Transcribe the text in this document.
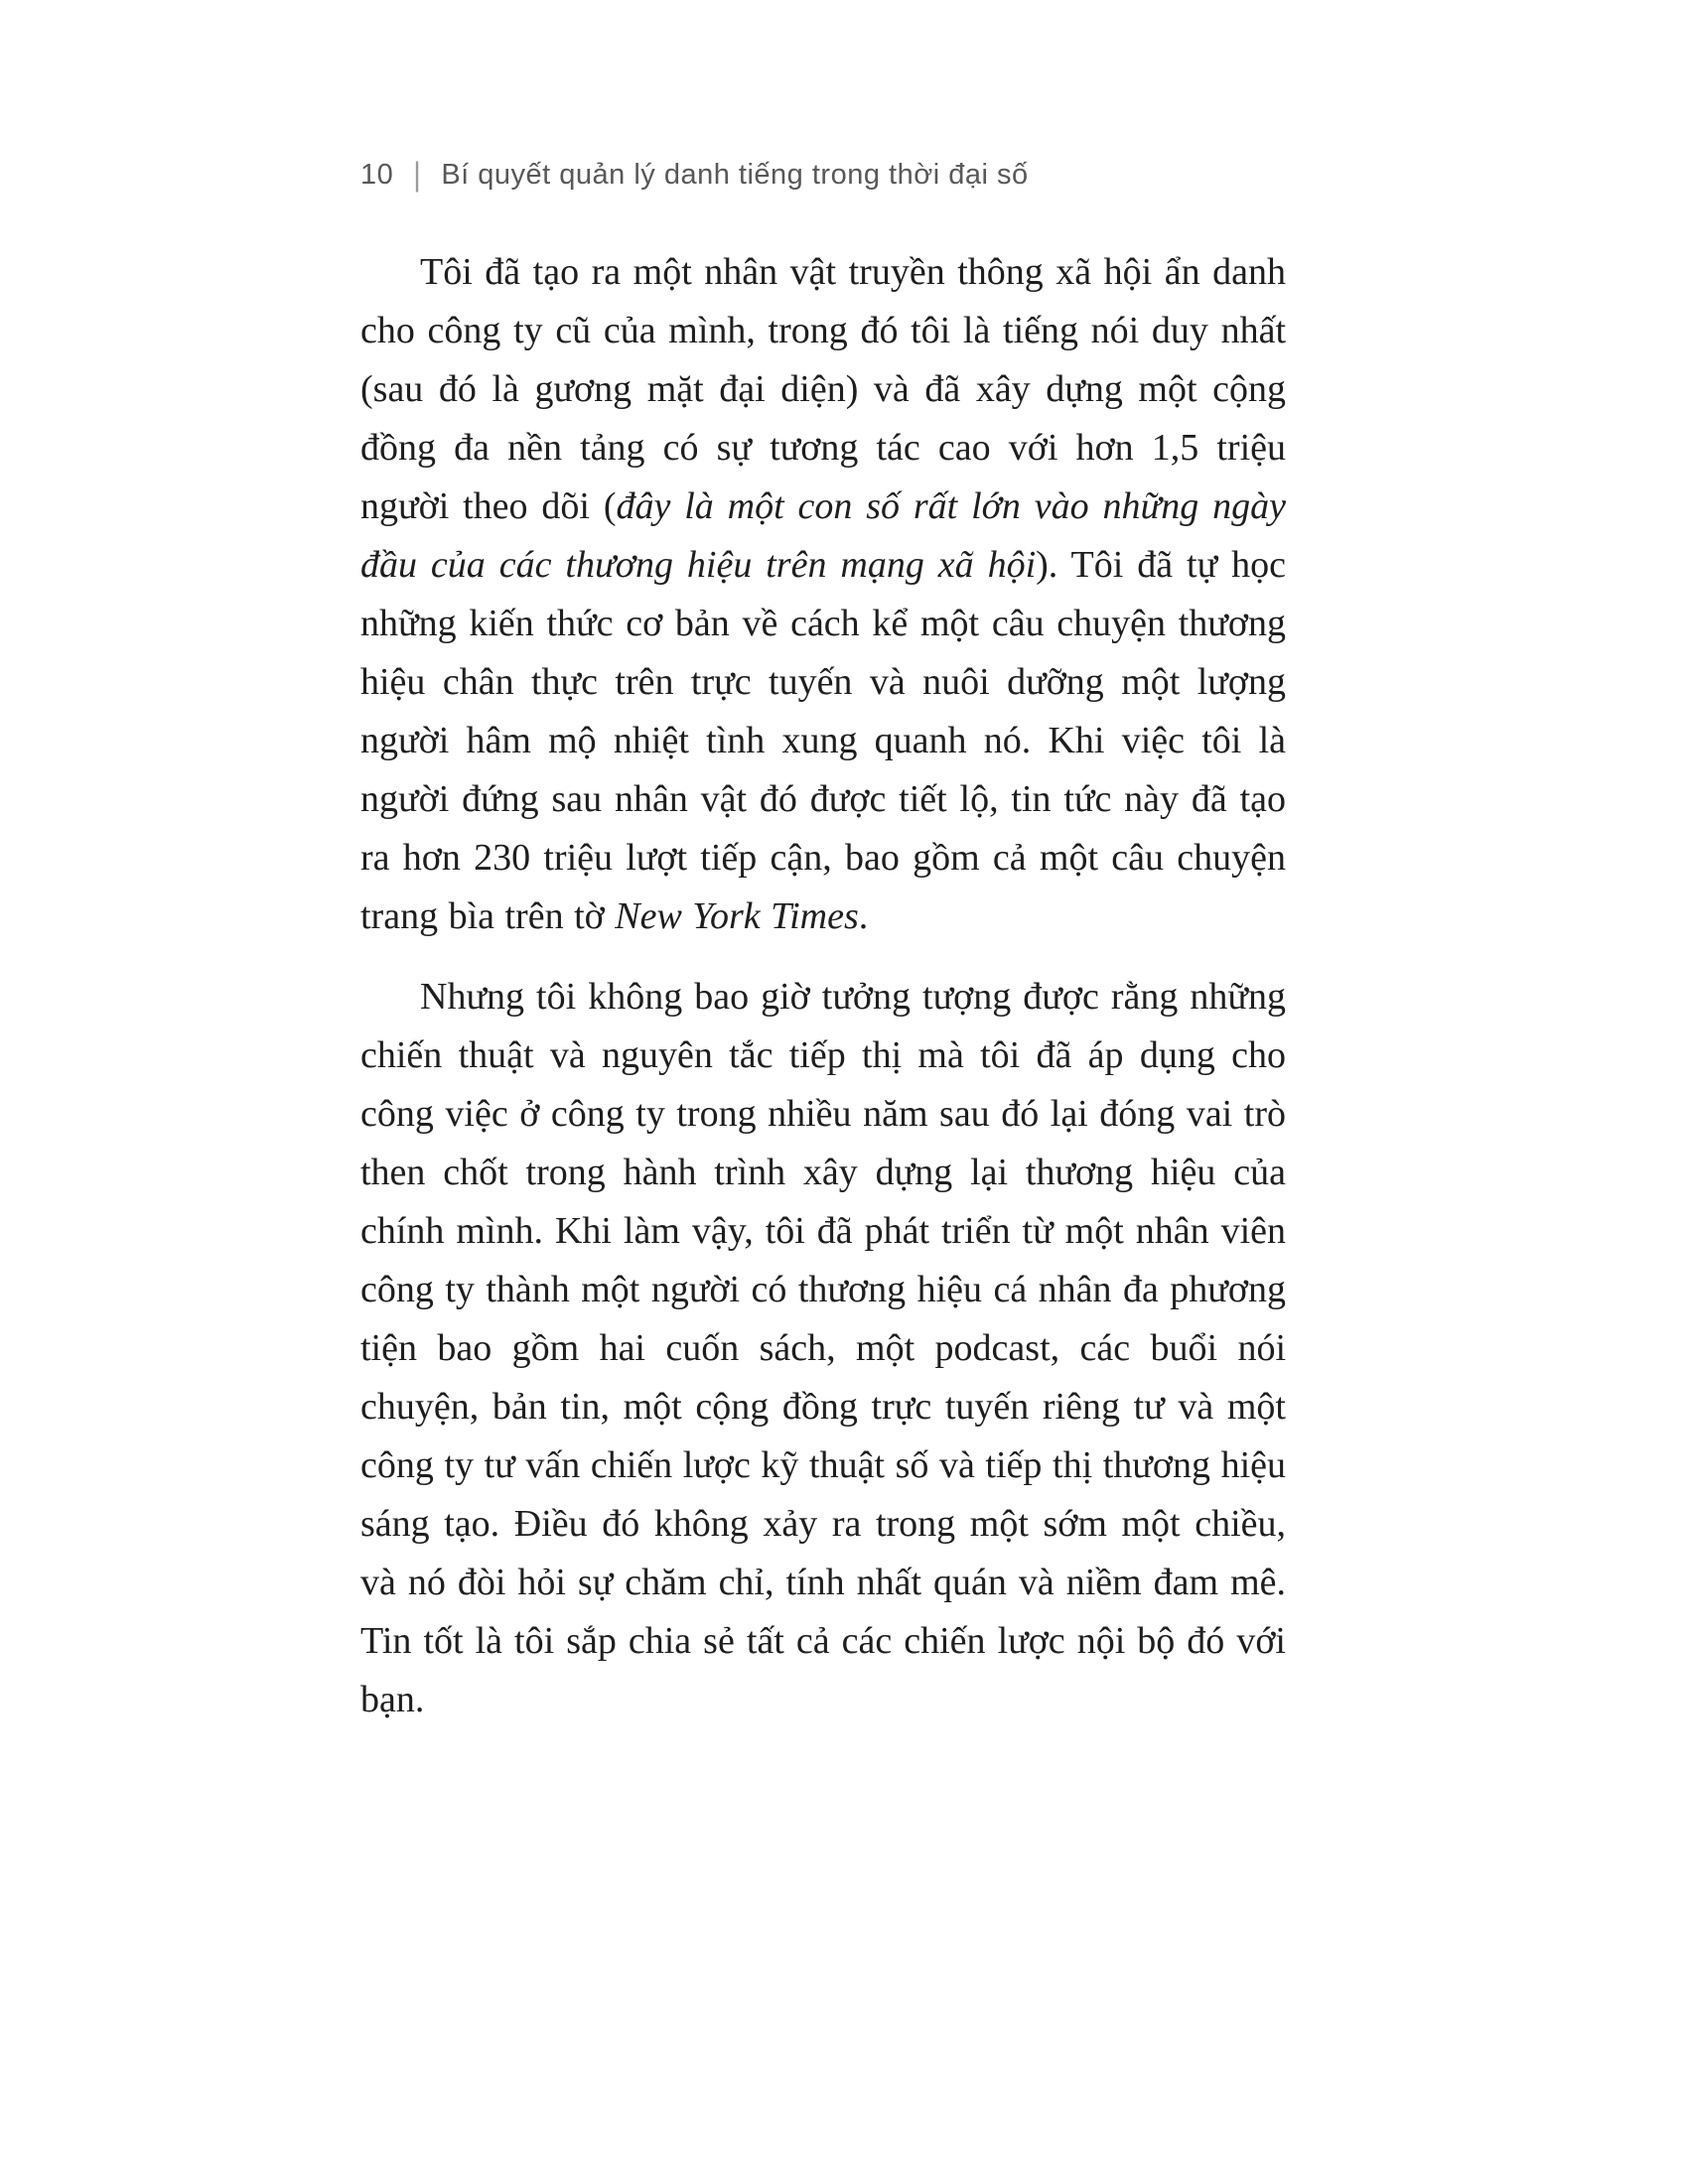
10 | Bí quyết quản lý danh tiếng trong thời đại số

Tôi đã tạo ra một nhân vật truyền thông xã hội ẩn danh cho công ty cũ của mình, trong đó tôi là tiếng nói duy nhất (sau đó là gương mặt đại diện) và đã xây dựng một cộng đồng đa nền tảng có sự tương tác cao với hơn 1,5 triệu người theo dõi (đây là một con số rất lớn vào những ngày đầu của các thương hiệu trên mạng xã hội). Tôi đã tự học những kiến thức cơ bản về cách kể một câu chuyện thương hiệu chân thực trên trực tuyến và nuôi dưỡng một lượng người hâm mộ nhiệt tình xung quanh nó. Khi việc tôi là người đứng sau nhân vật đó được tiết lộ, tin tức này đã tạo ra hơn 230 triệu lượt tiếp cận, bao gồm cả một câu chuyện trang bìa trên tờ New York Times.

Nhưng tôi không bao giờ tưởng tượng được rằng những chiến thuật và nguyên tắc tiếp thị mà tôi đã áp dụng cho công việc ở công ty trong nhiều năm sau đó lại đóng vai trò then chốt trong hành trình xây dựng lại thương hiệu của chính mình. Khi làm vậy, tôi đã phát triển từ một nhân viên công ty thành một người có thương hiệu cá nhân đa phương tiện bao gồm hai cuốn sách, một podcast, các buổi nói chuyện, bản tin, một cộng đồng trực tuyến riêng tư và một công ty tư vấn chiến lược kỹ thuật số và tiếp thị thương hiệu sáng tạo. Điều đó không xảy ra trong một sớm một chiều, và nó đòi hỏi sự chăm chỉ, tính nhất quán và niềm đam mê. Tin tốt là tôi sắp chia sẻ tất cả các chiến lược nội bộ đó với bạn.
